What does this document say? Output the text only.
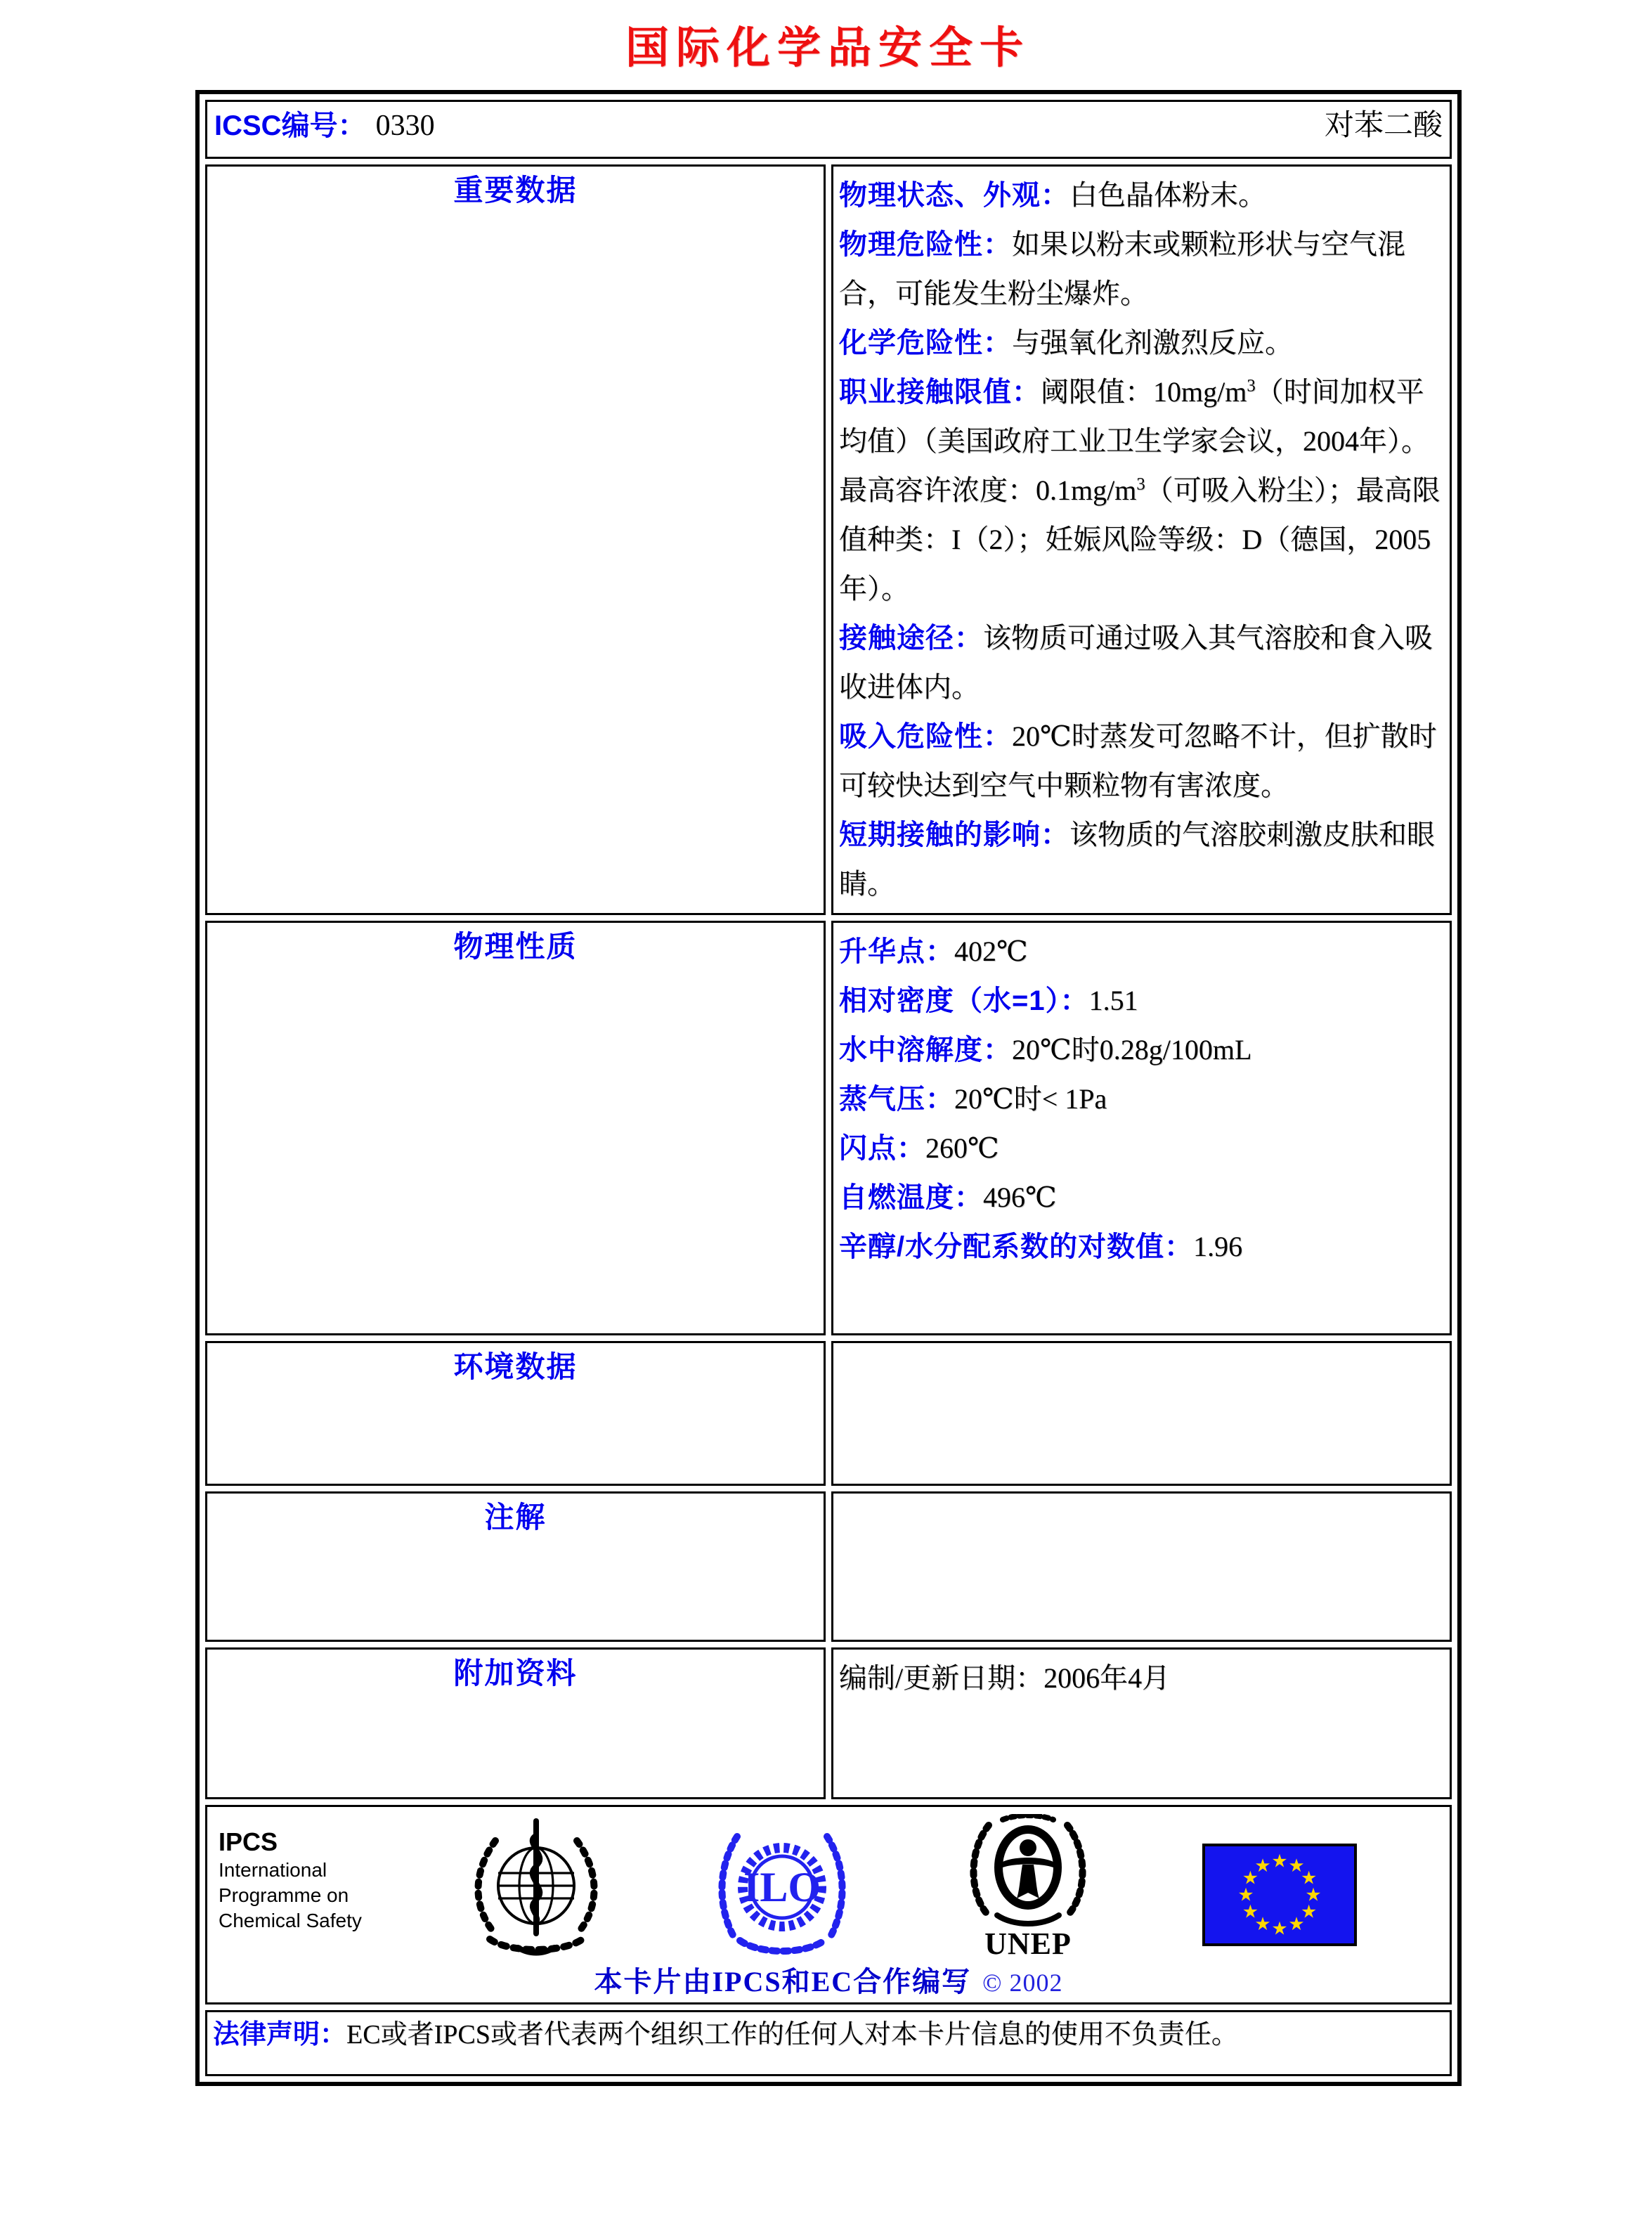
国际化学品安全卡
ICSC编号： 0330 对苯二酸	

重要数据	物理状态、外观：白色晶体粉末。
物理危险性：如果以粉末或颗粒形状与空气混合，可能发生粉尘爆炸。
化学危险性：与强氧化剂激烈反应。
职业接触限值：阈限值：$10mg/m^3$（时间加权平均值）（美国政府工业卫生学家会议，2004年）。最高容许浓度：$0.1mg/m^3$（可吸入粉尘）；最高限值种类：I（2）；妊娠风险等级：D（德国，2005年）。
接触途径：该物质可通过吸入其气溶胶和食入吸收进体内。
吸入危险性：20℃时蒸发可忽略不计，但扩散时可较快达到空气中颗粒物有害浓度。
短期接触的影响：该物质的气溶胶刺激皮肤和眼睛。

物理性质	升华点：402℃
相对密度（水=1）：1.51
水中溶解度：20℃时0.28g/100mL
蒸气压：20℃时< 1Pa
闪点：260℃
自燃温度：496℃
辛醇/水分配系数的对数值：1.96

环境数据	
注解	
附加资料	编制/更新日期：2006年4月

IPCS
International
Programme on
Chemical Safety
ILO
UNEP
★ ★
★
★
★
★
★
★
★
★
★
★
本卡片由IPCS和EC合作编写 © 2002

法律声明：EC或者IPCS或者代表两个组织工作的任何人对本卡片信息的使用不负责任。	
